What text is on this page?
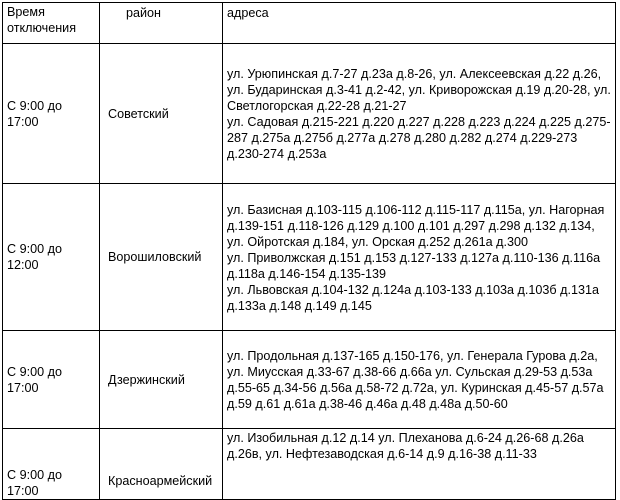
Время отключения	район	адреса

С 9:00 до
17:00	Советский	ул. Урюпинская д.7-27 д.23а д.8-26, ул. Алексеевская д.22 д.26, ул. Бударинская д.3-41 д.2-42, ул. Криворожская д.19 д.20-28, ул. Светлогорская д.22-28 д.21-27
ул. Садовая д.215-221 д.220 д.227 д.228 д.223 д.224 д.225 д.275-287 д.275а д.275б д.277а д.278 д.280 д.282 д.274 д.229-273 д.230-274 д.253а

С 9:00 до
12:00	Ворошиловский	ул. Базисная д.103-115 д.106-112 д.115-117 д.115а, ул. Нагорная д.139-151 д.118-126 д.129 д.100 д.101 д.297 д.298 д.132 д.134, ул. Ойротская д.184, ул. Орская д.252 д.261а д.300
ул. Приволжская д.151 д.153 д.127-133 д.127а д.110-136 д.116а д.118а д.146-154 д.135-139
ул. Львовская д.104-132 д.124а д.103-133 д.103а д.103б д.131а д.133а д.148 д.149 д.145

С 9:00 до
17:00	Дзержинский	ул. Продольная д.137-165 д.150-176, ул. Генерала Гурова д.2а, ул. Миусская д.33-67 д.38-66 д.66а ул. Сульская д.29-53 д.53а д.55-65 д.34-56 д.56а д.58-72 д.72а, ул. Куринская д.45-57 д.57а д.59 д.61 д.61а д.38-46 д.46а д.48 д.48а д.50-60

С 9:00 до
17:00	Красноармейский	ул. Изобильная д.12 д.14 ул. Плеханова д.6-24 д.26-68 д.26а д.26в, ул. Нефтезаводская д.6-14 д.9 д.16-38 д.11-33
